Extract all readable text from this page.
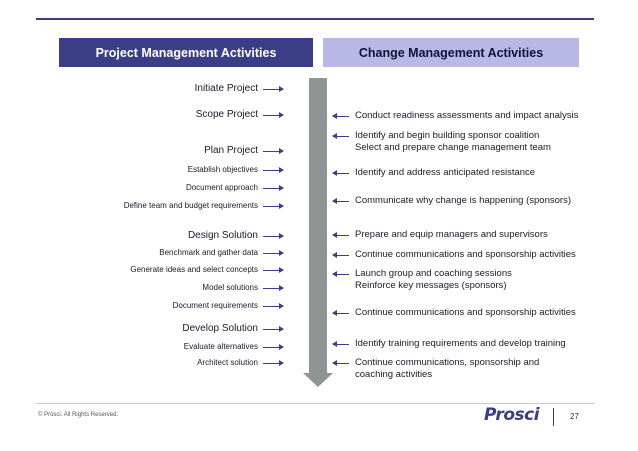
Project Management Activities	Change Management Activities
Initiate Project
Scope Project
Plan Project
Establish objectives
Document approach
Define team and budget requirements
Design Solution
Benchmark and gather data
Generate ideas and select concepts
Model solutions
Document requirements
Develop Solution
Evaluate alternatives
Architect solution
Conduct readiness assessments and impact analysis
Identify and begin building sponsor coalition
Select and prepare change management team
Identify and address anticipated resistance
Communicate why change is happening (sponsors)
Prepare and equip managers and supervisors
Continue communications and sponsorship activities
Launch group and coaching sessions
Reinforce key messages (sponsors)
Continue communications and sponsorship activities
Identify training requirements and develop training
Continue communications, sponsorship and
coaching activities
© Prosci. All Rights Reserved.	Prosci	27
